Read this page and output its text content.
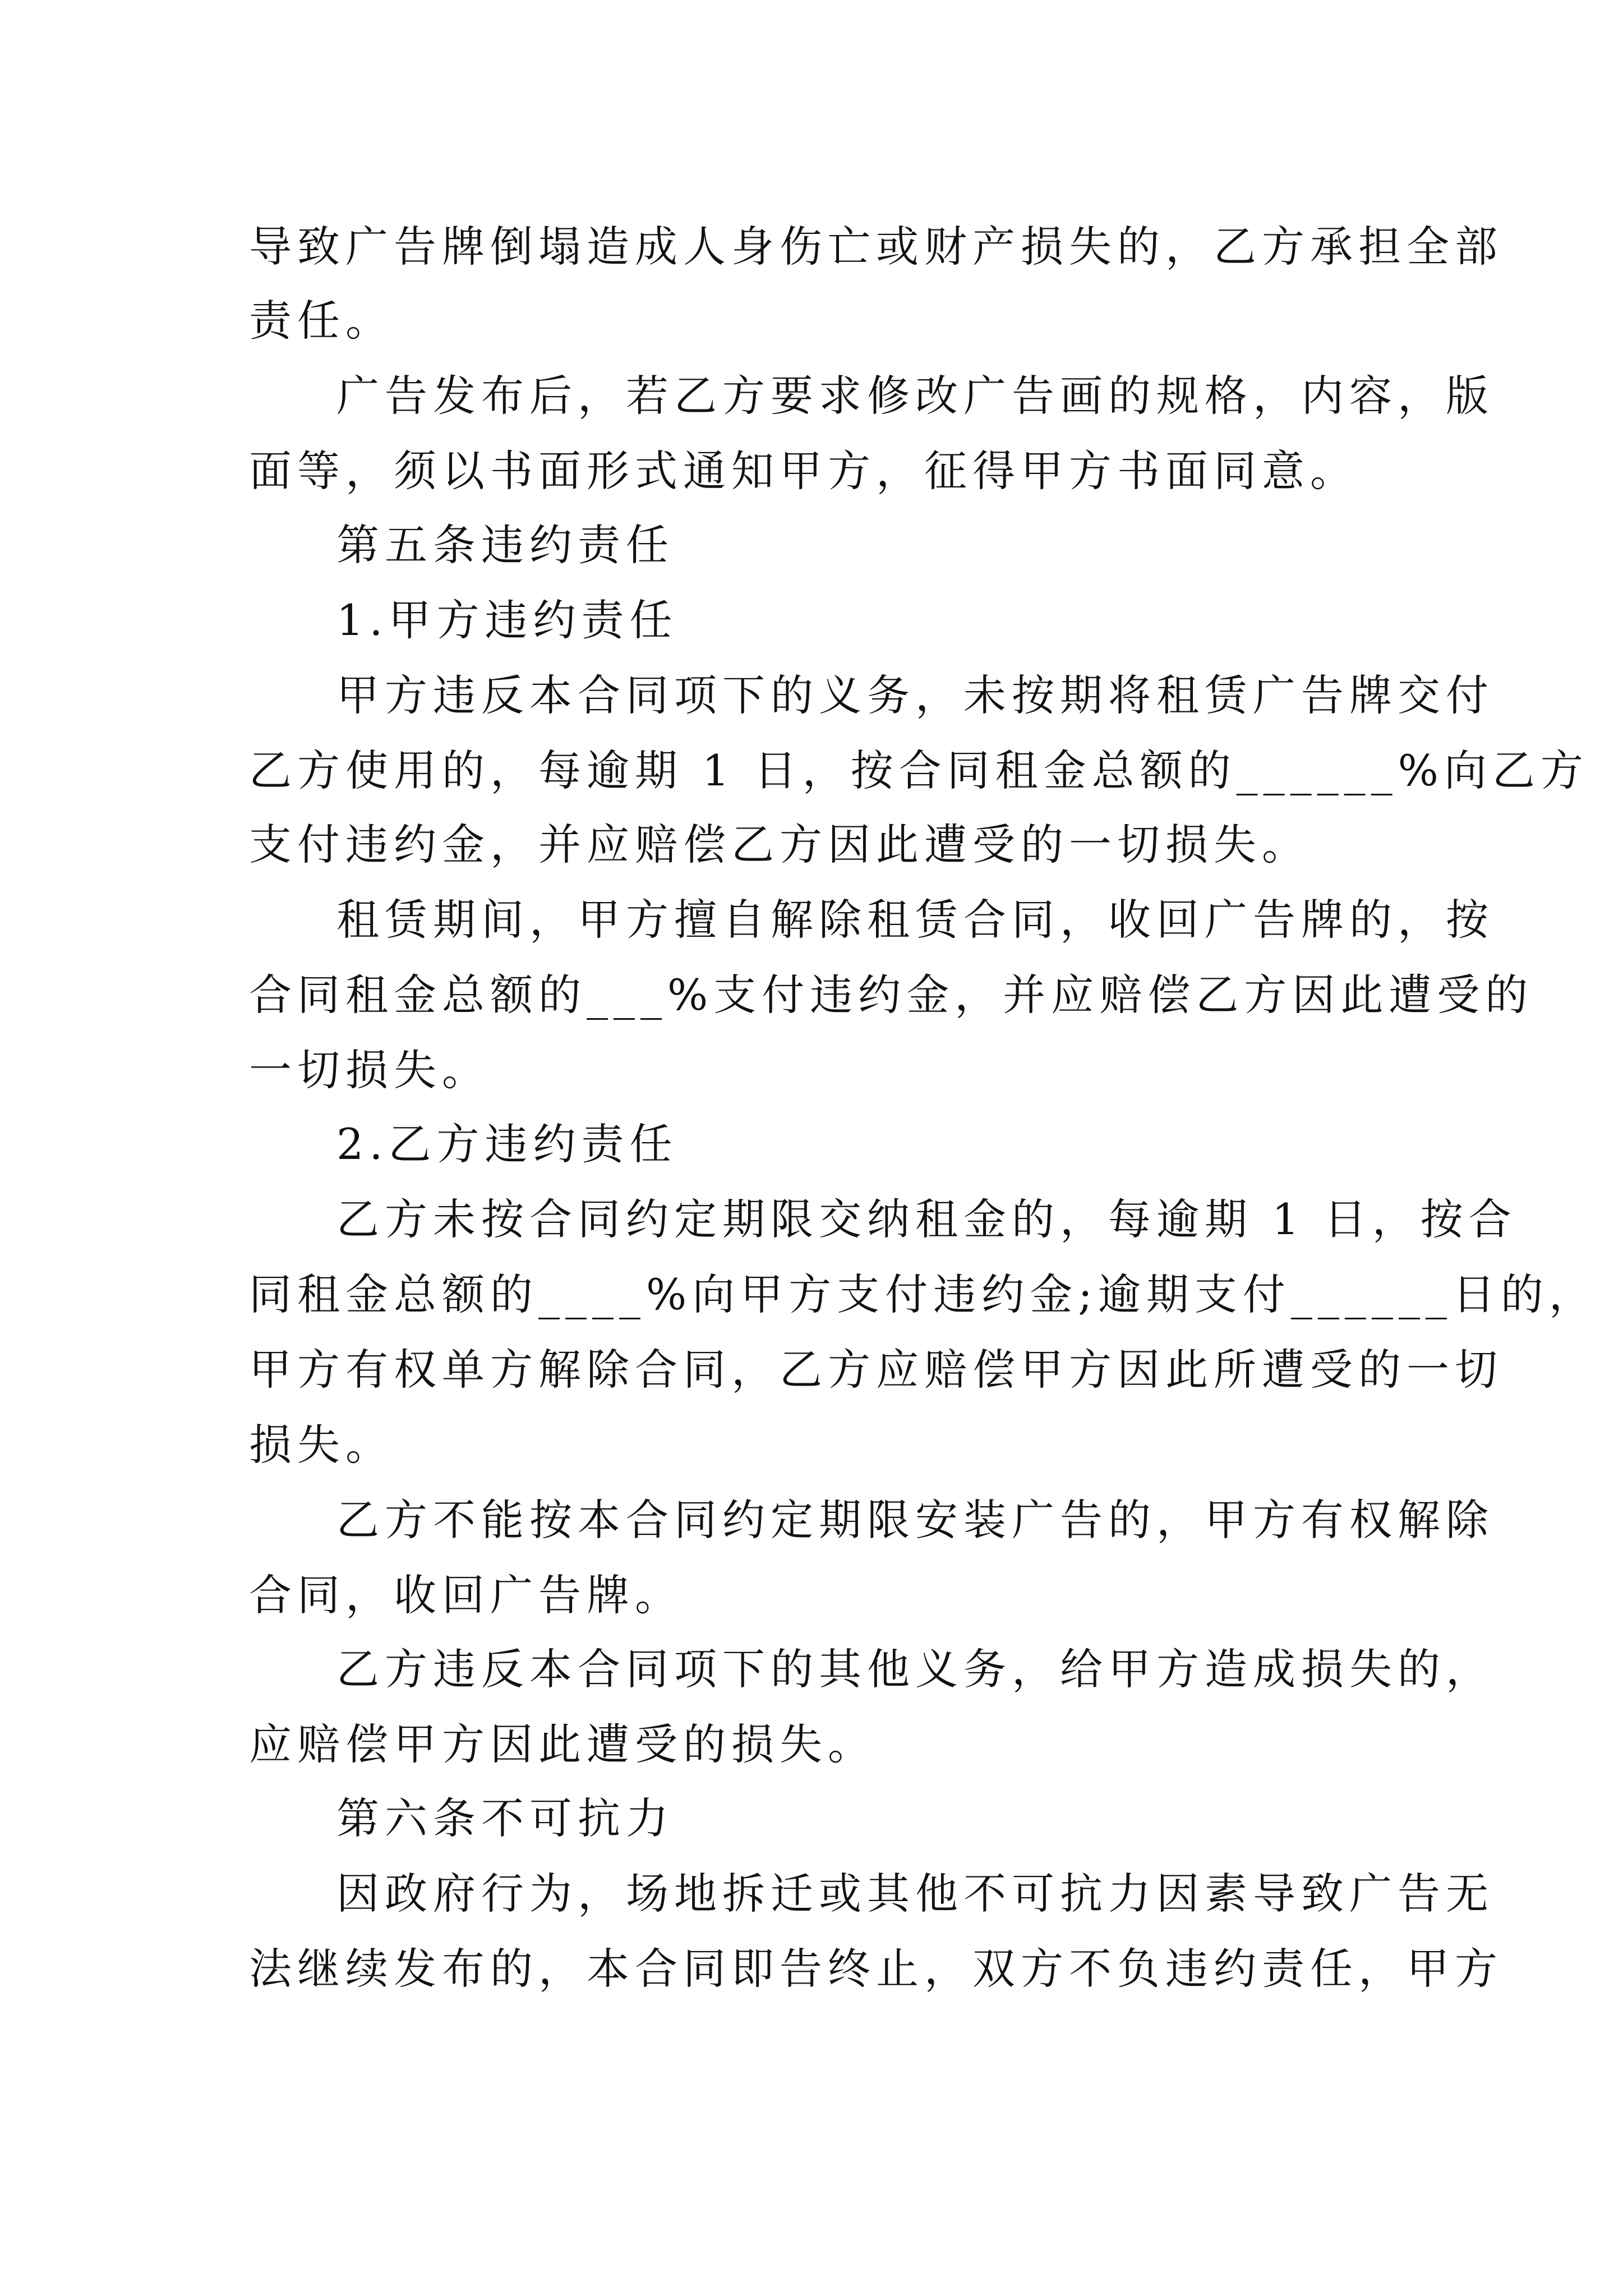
导致广告牌倒塌造成人身伤亡或财产损失的，乙方承担全部

责任。

广告发布后，若乙方要求修改广告画的规格，内容，版

面等，须以书面形式通知甲方，征得甲方书面同意。

第五条违约责任

1.甲方违约责任

甲方违反本合同项下的义务，未按期将租赁广告牌交付

乙方使用的，每逾期 1 日，按合同租金总额的______%向乙方

支付违约金，并应赔偿乙方因此遭受的一切损失。

租赁期间，甲方擅自解除租赁合同，收回广告牌的，按

合同租金总额的___%支付违约金，并应赔偿乙方因此遭受的

一切损失。

2.乙方违约责任

乙方未按合同约定期限交纳租金的，每逾期 1 日，按合

同租金总额的____%向甲方支付违约金;逾期支付______日的，

甲方有权单方解除合同，乙方应赔偿甲方因此所遭受的一切

损失。

乙方不能按本合同约定期限安装广告的，甲方有权解除

合同，收回广告牌。

乙方违反本合同项下的其他义务，给甲方造成损失的，

应赔偿甲方因此遭受的损失。

第六条不可抗力

因政府行为，场地拆迁或其他不可抗力因素导致广告无

法继续发布的，本合同即告终止，双方不负违约责任，甲方
